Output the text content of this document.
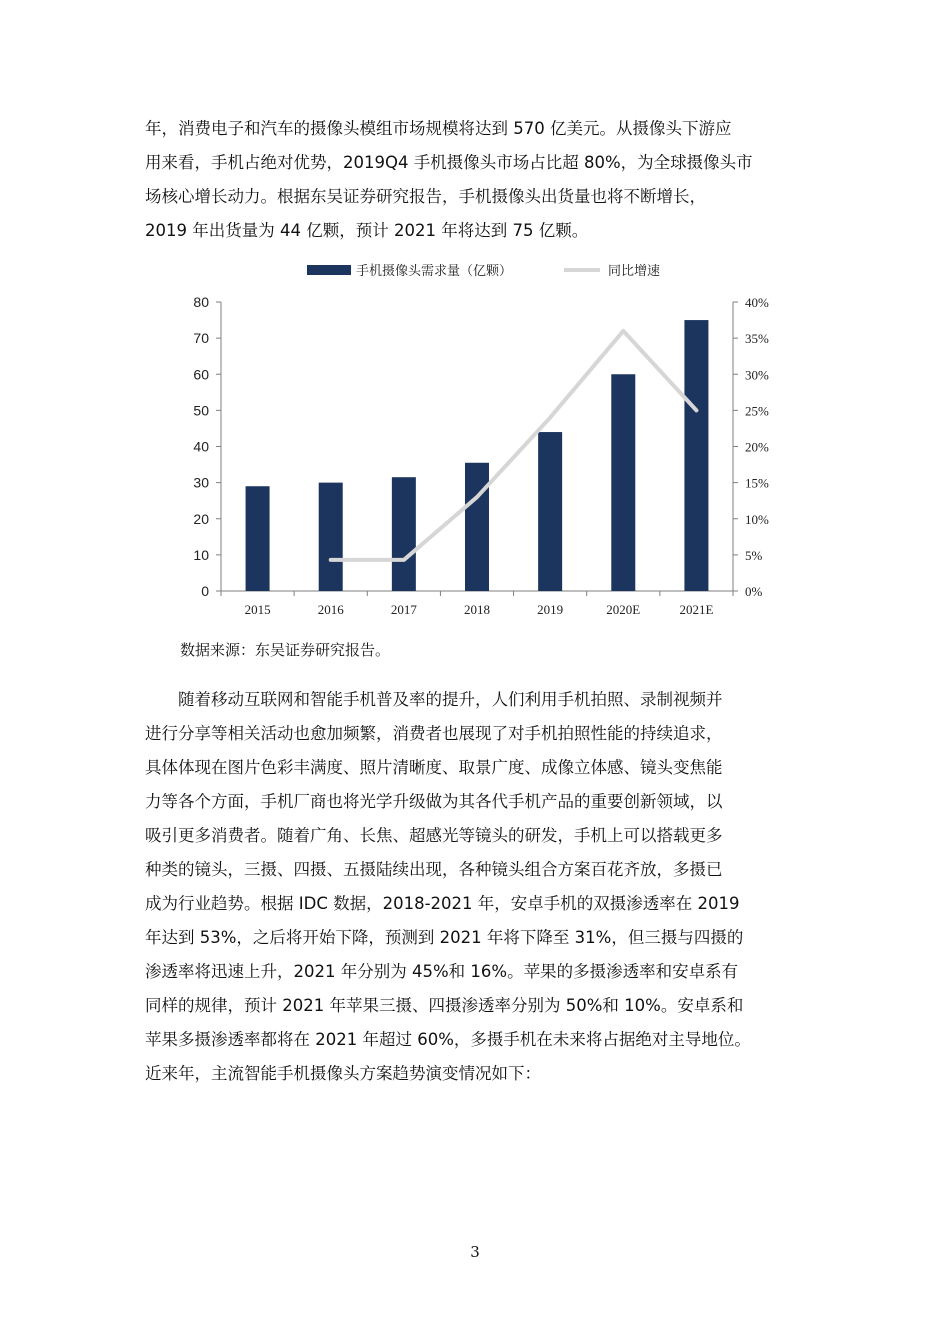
年，消费电子和汽车的摄像头模组市场规模将达到 570 亿美元。从摄像头下游应
用来看，手机占绝对优势，2019Q4 手机摄像头市场占比超 80%，为全球摄像头市
场核心增长动力。根据东吴证券研究报告，手机摄像头出货量也将不断增长，
2019 年出货量为 44 亿颗，预计 2021 年将达到 75 亿颗。
手机摄像头需求量（亿颗）	同比增速
0
10
20
30
40
50
60
70
80
0%
5%
10%
15%
20%
25%
30%
35%
40%
2015	2016	2017	2018	2019	2020E	2021E
数据来源：东吴证券研究报告。
随着移动互联网和智能手机普及率的提升，人们利用手机拍照、录制视频并
进行分享等相关活动也愈加频繁，消费者也展现了对手机拍照性能的持续追求，
具体体现在图片色彩丰满度、照片清晰度、取景广度、成像立体感、镜头变焦能
力等各个方面，手机厂商也将光学升级做为其各代手机产品的重要创新领域，以
吸引更多消费者。随着广角、长焦、超感光等镜头的研发，手机上可以搭载更多
种类的镜头，三摄、四摄、五摄陆续出现，各种镜头组合方案百花齐放，多摄已
成为行业趋势。根据 IDC 数据，2018-2021 年，安卓手机的双摄渗透率在 2019
年达到 53%，之后将开始下降，预测到 2021 年将下降至 31%，但三摄与四摄的
渗透率将迅速上升，2021 年分别为 45%和 16%。苹果的多摄渗透率和安卓系有
同样的规律，预计 2021 年苹果三摄、四摄渗透率分别为 50%和 10%。安卓系和
苹果多摄渗透率都将在 2021 年超过 60%，多摄手机在未来将占据绝对主导地位。
近来年，主流智能手机摄像头方案趋势演变情况如下：
3
